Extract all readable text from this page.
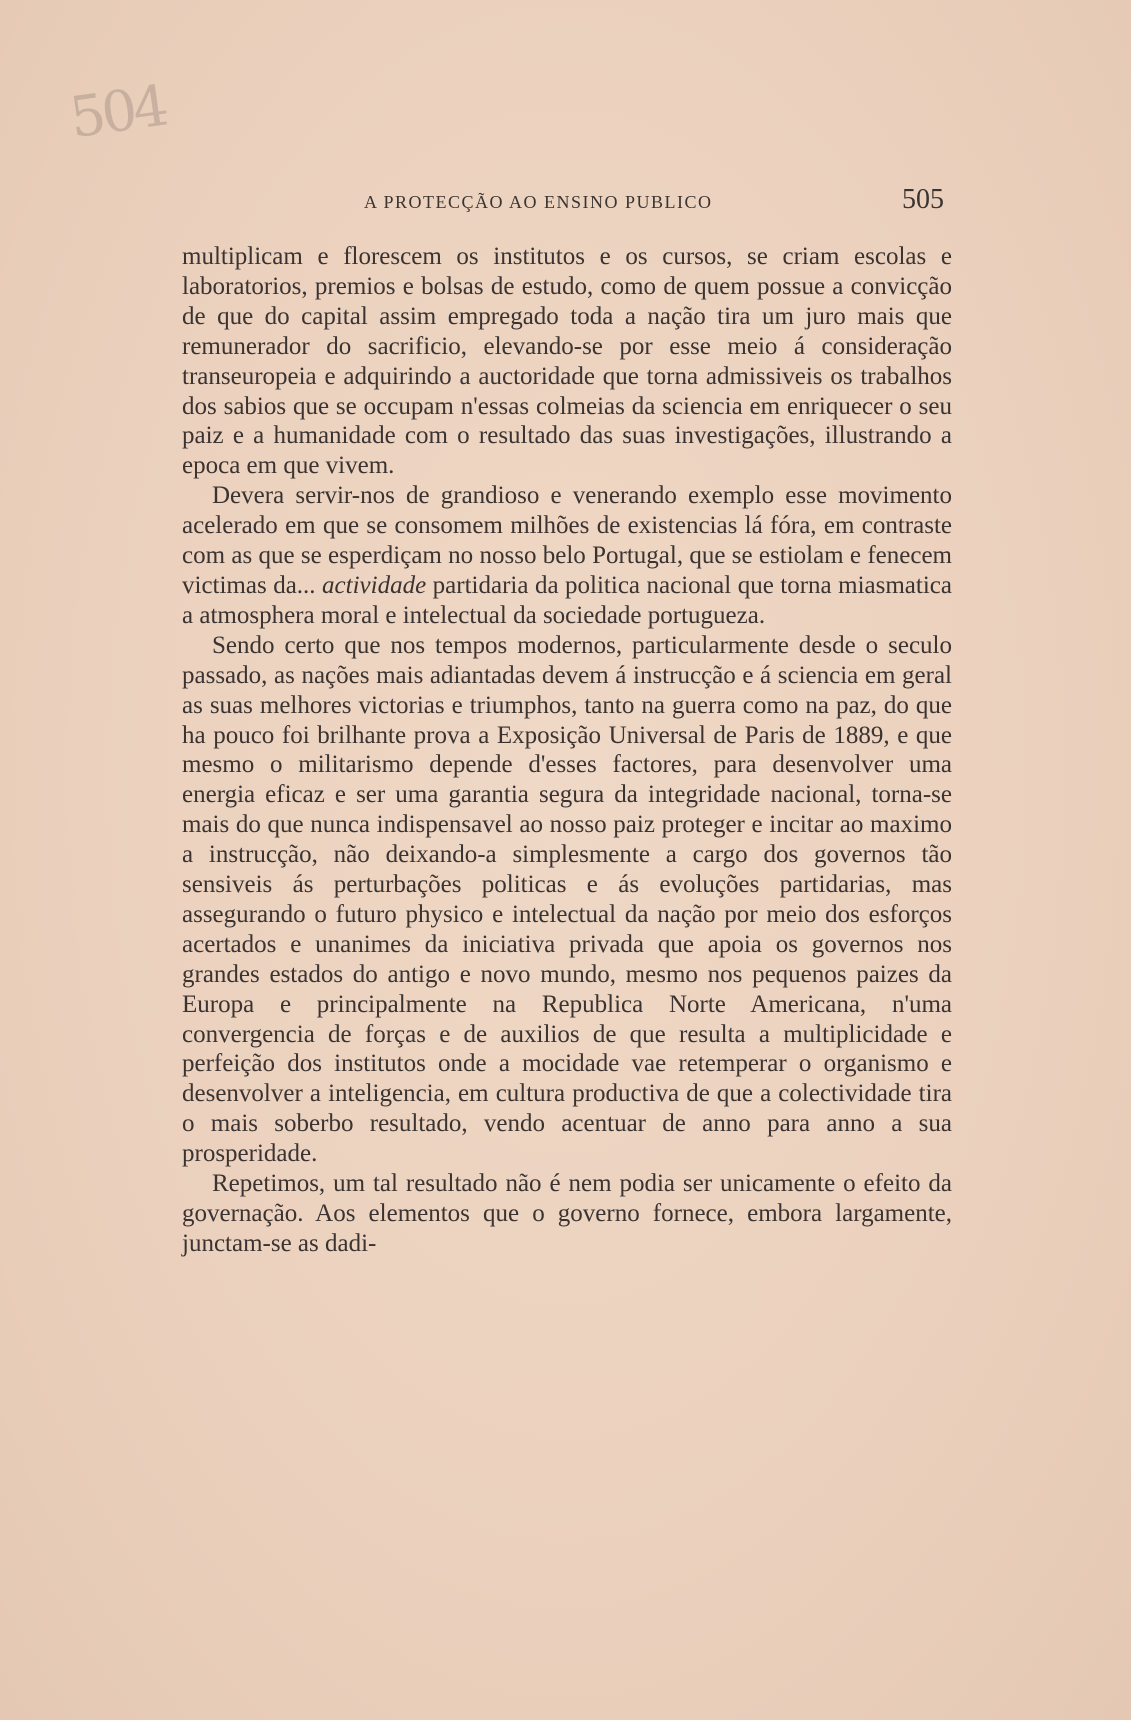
504
A PROTECÇÃO AO ENSINO PUBLICO	505

multiplicam e florescem os institutos e os cursos, se criam escolas e laboratorios, premios e bolsas de estudo, como de quem possue a convicção de que do capital assim empregado toda a nação tira um juro mais que remunerador do sacrificio, elevando-se por esse meio á consideração transeuropeia e adquirindo a auctoridade que torna admissiveis os trabalhos dos sabios que se occupam n'essas colmeias da sciencia em enriquecer o seu paiz e a humanidade com o resultado das suas investigações, illustrando a epoca em que vivem.

Devera servir-nos de grandioso e venerando exemplo esse movimento acelerado em que se consomem milhões de existencias lá fóra, em contraste com as que se esperdiçam no nosso belo Portugal, que se estiolam e fenecem victimas da... actividade partidaria da politica nacional que torna miasmatica a atmosphera moral e intelectual da sociedade portugueza.

Sendo certo que nos tempos modernos, particularmente desde o seculo passado, as nações mais adiantadas devem á instrucção e á sciencia em geral as suas melhores victorias e triumphos, tanto na guerra como na paz, do que ha pouco foi brilhante prova a Exposição Universal de Paris de 1889, e que mesmo o militarismo depende d'esses factores, para desenvolver uma energia eficaz e ser uma garantia segura da integridade nacional, torna-se mais do que nunca indispensavel ao nosso paiz proteger e incitar ao maximo a instrucção, não deixando-a simplesmente a cargo dos governos tão sensiveis ás perturbações politicas e ás evoluções partidarias, mas assegurando o futuro physico e intelectual da nação por meio dos esforços acertados e unanimes da iniciativa privada que apoia os governos nos grandes estados do antigo e novo mundo, mesmo nos pequenos paizes da Europa e principalmente na Republica Norte Americana, n'uma convergencia de forças e de auxilios de que resulta a multiplicidade e perfeição dos institutos onde a mocidade vae retemperar o organismo e desenvolver a inteligencia, em cultura productiva de que a colectividade tira o mais soberbo resultado, vendo acentuar de anno para anno a sua prosperidade.

Repetimos, um tal resultado não é nem podia ser unicamente o efeito da governação. Aos elementos que o governo fornece, embora largamente, junctam-se as dadi-
